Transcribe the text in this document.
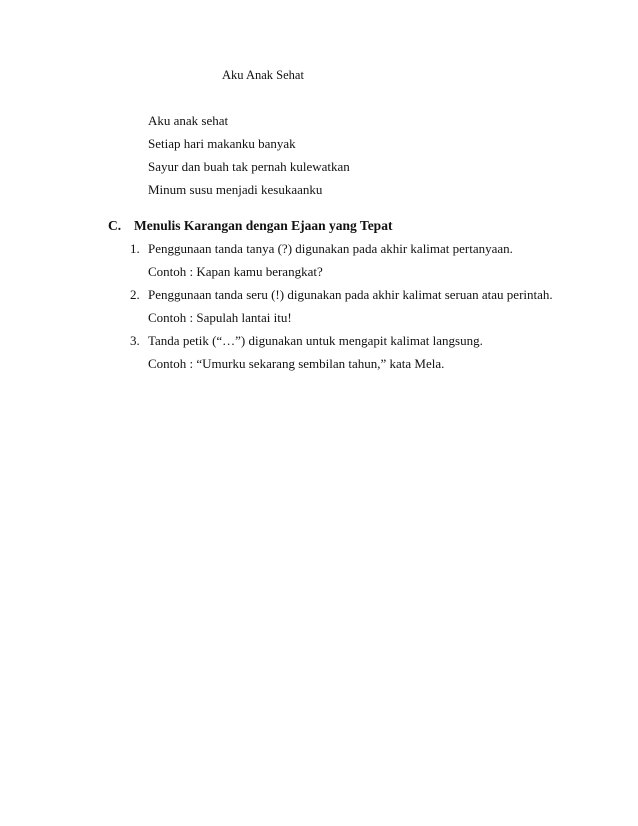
Aku Anak Sehat
Aku anak sehat
Setiap hari makanku banyak
Sayur dan buah tak pernah kulewatkan
Minum susu menjadi kesukaanku
C. Menulis Karangan dengan Ejaan yang Tepat
1. Penggunaan tanda tanya (?) digunakan pada akhir kalimat pertanyaan.
Contoh : Kapan kamu berangkat?
2. Penggunaan tanda seru (!) digunakan pada akhir kalimat seruan atau perintah.
Contoh : Sapulah lantai itu!
3. Tanda petik (“…”) digunakan untuk mengapit kalimat langsung.
Contoh : “Umurku sekarang sembilan tahun,” kata Mela.
